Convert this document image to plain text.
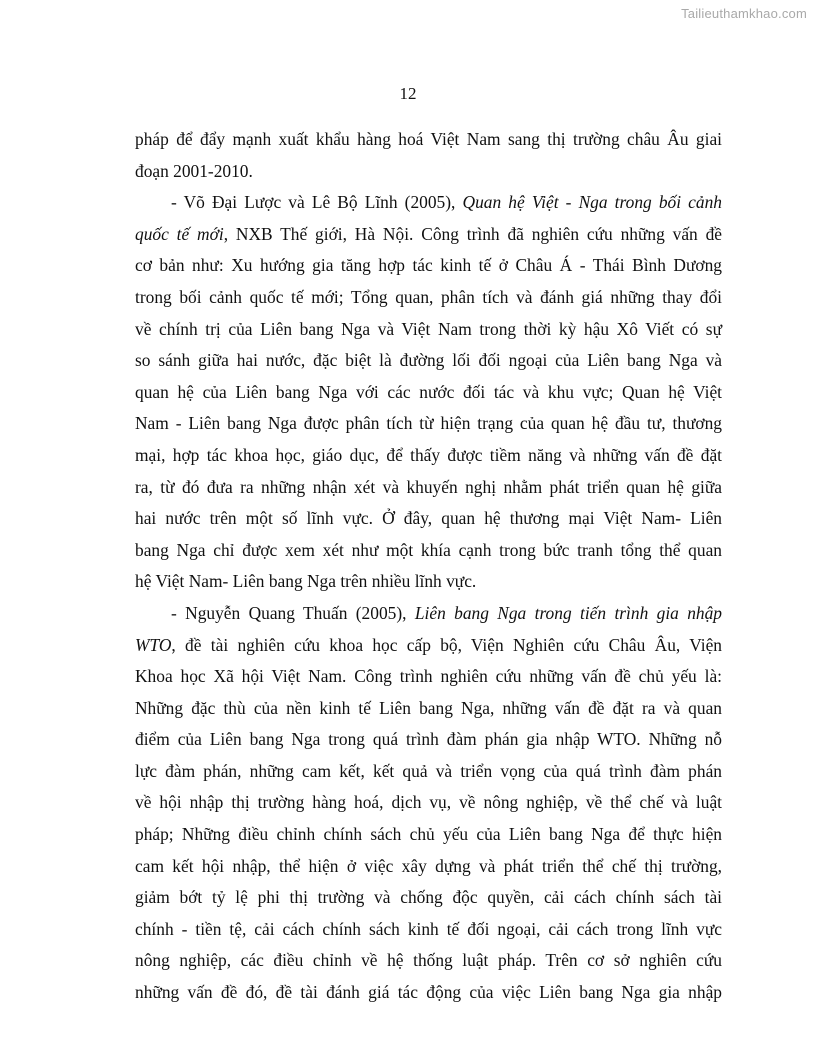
Tailieuthamkhao.com
12
pháp để đẩy mạnh xuất khẩu hàng hoá Việt Nam sang thị trường châu Âu giai
đoạn 2001-2010.
- Võ Đại Lược và Lê Bộ Lĩnh (2005), Quan hệ Việt - Nga trong bối cảnh
quốc tế mới, NXB Thế giới, Hà Nội. Công trình đã nghiên cứu những vấn đề
cơ bản như: Xu hướng gia tăng hợp tác kinh tế ở Châu Á - Thái Bình Dương
trong bối cảnh quốc tế mới; Tổng quan, phân tích và đánh giá những thay đổi
về chính trị của Liên bang Nga và Việt Nam trong thời kỳ hậu Xô Viết có sự
so sánh giữa hai nước, đặc biệt là đường lối đối ngoại của Liên bang Nga và
quan hệ của Liên bang Nga với các nước đối tác và khu vực; Quan hệ Việt
Nam - Liên bang Nga được phân tích từ hiện trạng của quan hệ đầu tư, thương
mại, hợp tác khoa học, giáo dục, để thấy được tiềm năng và những vấn đề đặt
ra, từ đó đưa ra những nhận xét và khuyến nghị nhằm phát triển quan hệ giữa
hai nước trên một số lĩnh vực. Ở đây, quan hệ thương mại Việt Nam- Liên
bang Nga chỉ được xem xét như một khía cạnh trong bức tranh tổng thể quan
hệ Việt Nam- Liên bang Nga trên nhiều lĩnh vực.
- Nguyễn Quang Thuấn (2005), Liên bang Nga trong tiến trình gia nhập
WTO, đề tài nghiên cứu khoa học cấp bộ, Viện Nghiên cứu Châu Âu, Viện
Khoa học Xã hội Việt Nam. Công trình nghiên cứu những vấn đề chủ yếu là:
Những đặc thù của nền kinh tế Liên bang Nga, những vấn đề đặt ra và quan
điểm của Liên bang Nga trong quá trình đàm phán gia nhập WTO. Những nỗ
lực đàm phán, những cam kết, kết quả và triển vọng của quá trình đàm phán
về hội nhập thị trường hàng hoá, dịch vụ, về nông nghiệp, về thể chế và luật
pháp; Những điều chỉnh chính sách chủ yếu của Liên bang Nga để thực hiện
cam kết hội nhập, thể hiện ở việc xây dựng và phát triển thể chế thị trường,
giảm bớt tỷ lệ phi thị trường và chống độc quyền, cải cách chính sách tài
chính - tiền tệ, cải cách chính sách kinh tế đối ngoại, cải cách trong lĩnh vực
nông nghiệp, các điều chỉnh về hệ thống luật pháp. Trên cơ sở nghiên cứu
những vấn đề đó, đề tài đánh giá tác động của việc Liên bang Nga gia nhập
